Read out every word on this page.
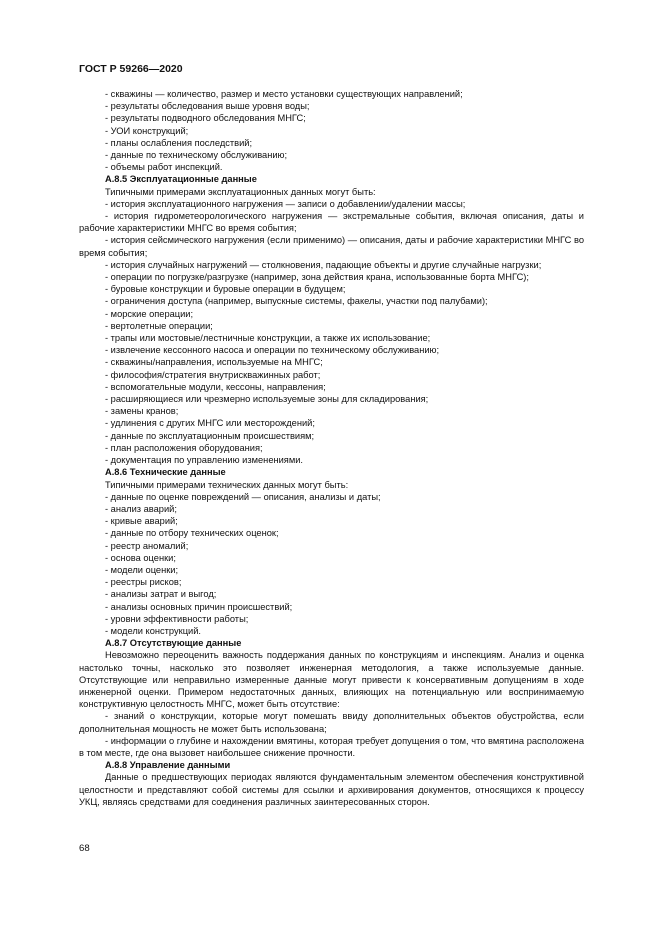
ГОСТ Р 59266—2020

- скважины — количество, размер и место установки существующих направлений;

- результаты обследования выше уровня воды;

- результаты подводного обследования МНГС;

- УОИ конструкций;

- планы ослабления последствий;

- данные по техническому обслуживанию;

- объемы работ инспекций.

А.8.5 Эксплуатационные данные

Типичными примерами эксплуатационных данных могут быть:

- история эксплуатационного нагружения — записи о добавлении/удалении массы;

- история гидрометеорологического нагружения — экстремальные события, включая описания, даты и рабочие характеристики МНГС во время события;

- история сейсмического нагружения (если применимо) — описания, даты и рабочие характеристики МНГС во время события;

- история случайных нагружений — столкновения, падающие объекты и другие случайные нагрузки;

- операции по погрузке/разгрузке (например, зона действия крана, использованные борта МНГС);

- буровые конструкции и буровые операции в будущем;

- ограничения доступа (например, выпускные системы, факелы, участки под палубами);

- морские операции;

- вертолетные операции;

- трапы или мостовые/лестничные конструкции, а также их использование;

- извлечение кессонного насоса и операции по техническому обслуживанию;

- скважины/направления, используемые на МНГС;

- философия/стратегия внутрискважинных работ;

- вспомогательные модули, кессоны, направления;

- расширяющиеся или чрезмерно используемые зоны для складирования;

- замены кранов;

- удлинения с других МНГС или месторождений;

- данные по эксплуатационным происшествиям;

- план расположения оборудования;

- документация по управлению изменениями.

А.8.6 Технические данные

Типичными примерами технических данных могут быть:

- данные по оценке повреждений — описания, анализы и даты;

- анализ аварий;

- кривые аварий;

- данные по отбору технических оценок;

- реестр аномалий;

- основа оценки;

- модели оценки;

- реестры рисков;

- анализы затрат и выгод;

- анализы основных причин происшествий;

- уровни эффективности работы;

- модели конструкций.

А.8.7 Отсутствующие данные

Невозможно переоценить важность поддержания данных по конструкциям и инспекциям. Анализ и оценка настолько точны, насколько это позволяет инженерная методология, а также используемые данные. Отсутствующие или неправильно измеренные данные могут привести к консервативным допущениям в ходе инженерной оценки. Примером недостаточных данных, влияющих на потенциальную или воспринимаемую конструктивную целостность МНГС, может быть отсутствие:

- знаний о конструкции, которые могут помешать ввиду дополнительных объектов обустройства, если дополнительная мощность не может быть использована;

- информации о глубине и нахождении вмятины, которая требует допущения о том, что вмятина расположена в том месте, где она вызовет наибольшее снижение прочности.

А.8.8 Управление данными

Данные о предшествующих периодах являются фундаментальным элементом обеспечения конструктивной целостности и представляют собой системы для ссылки и архивирования документов, относящихся к процессу УКЦ, являясь средствами для соединения различных заинтересованных сторон.

68
